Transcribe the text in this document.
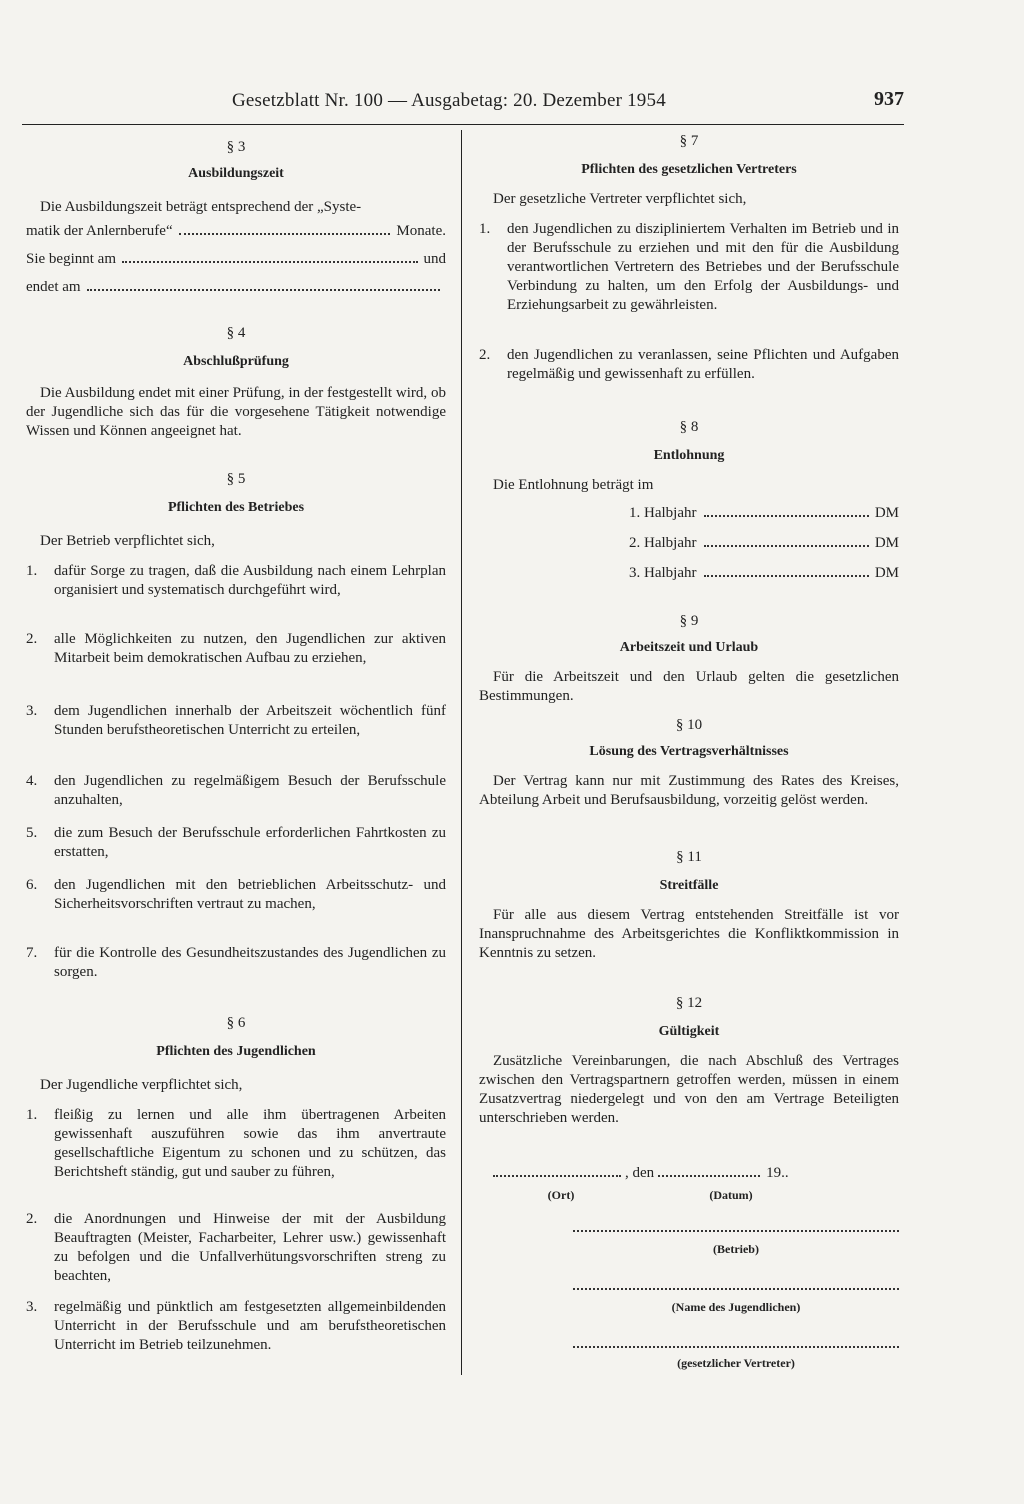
Gesetzblatt Nr. 100 — Ausgabetag: 20. Dezember 1954	937
§ 3
Ausbildungszeit
Die Ausbildungszeit beträgt entsprechend der „Syste-
matik der Anlernberufe“	Monate.
Sie beginnt am	und
endet am
§ 4
Abschlußprüfung
Die Ausbildung endet mit einer Prüfung, in der festgestellt wird, ob der Jugendliche sich das für die vorgesehene Tätigkeit notwendige Wissen und Können angeeignet hat.
§ 5
Pflichten des Betriebes
Der Betrieb verpflichtet sich,
1.	dafür Sorge zu tragen, daß die Ausbildung nach einem Lehrplan organisiert und systematisch durchgeführt wird,
2.	alle Möglichkeiten zu nutzen, den Jugendlichen zur aktiven Mitarbeit beim demokratischen Aufbau zu erziehen,
3.	dem Jugendlichen innerhalb der Arbeitszeit wöchentlich fünf Stunden berufstheoretischen Unterricht zu erteilen,
4.	den Jugendlichen zu regelmäßigem Besuch der Berufsschule anzuhalten,
5.	die zum Besuch der Berufsschule erforderlichen Fahrtkosten zu erstatten,
6.	den Jugendlichen mit den betrieblichen Arbeitsschutz- und Sicherheitsvorschriften vertraut zu machen,
7.	für die Kontrolle des Gesundheitszustandes des Jugendlichen zu sorgen.
§ 6
Pflichten des Jugendlichen
Der Jugendliche verpflichtet sich,
1.	fleißig zu lernen und alle ihm übertragenen Arbeiten gewissenhaft auszuführen sowie das ihm anvertraute gesellschaftliche Eigentum zu schonen und zu schützen, das Berichtsheft ständig, gut und sauber zu führen,
2.	die Anordnungen und Hinweise der mit der Ausbildung Beauftragten (Meister, Facharbeiter, Lehrer usw.) gewissenhaft zu befolgen und die Unfallverhütungsvorschriften streng zu beachten,
3.	regelmäßig und pünktlich am festgesetzten allgemeinbildenden Unterricht in der Berufsschule und am berufstheoretischen Unterricht im Betrieb teilzunehmen.
§ 7
Pflichten des gesetzlichen Vertreters
Der gesetzliche Vertreter verpflichtet sich,
1.	den Jugendlichen zu diszipliniertem Verhalten im Betrieb und in der Berufsschule zu erziehen und mit den für die Ausbildung verantwortlichen Vertretern des Betriebes und der Berufsschule Verbindung zu halten, um den Erfolg der Ausbildungs- und Erziehungsarbeit zu gewährleisten.
2.	den Jugendlichen zu veranlassen, seine Pflichten und Aufgaben regelmäßig und gewissenhaft zu erfüllen.
§ 8
Entlohnung
Die Entlohnung beträgt im
1. Halbjahr	DM
2. Halbjahr	DM
3. Halbjahr	DM
§ 9
Arbeitszeit und Urlaub
Für die Arbeitszeit und den Urlaub gelten die gesetzlichen Bestimmungen.
§ 10
Lösung des Vertragsverhältnisses
Der Vertrag kann nur mit Zustimmung des Rates des Kreises, Abteilung Arbeit und Berufsausbildung, vorzeitig gelöst werden.
§ 11
Streitfälle
Für alle aus diesem Vertrag entstehenden Streitfälle ist vor Inanspruchnahme des Arbeitsgerichtes die Konfliktkommission in Kenntnis zu setzen.
§ 12
Gültigkeit
Zusätzliche Vereinbarungen, die nach Abschluß des Vertrages zwischen den Vertragspartnern getroffen werden, müssen in einem Zusatzvertrag niedergelegt und von den am Vertrage Beteiligten unterschrieben werden.
, den	19..
(Ort)	(Datum)
(Betrieb)
(Name des Jugendlichen)
(gesetzlicher Vertreter)
